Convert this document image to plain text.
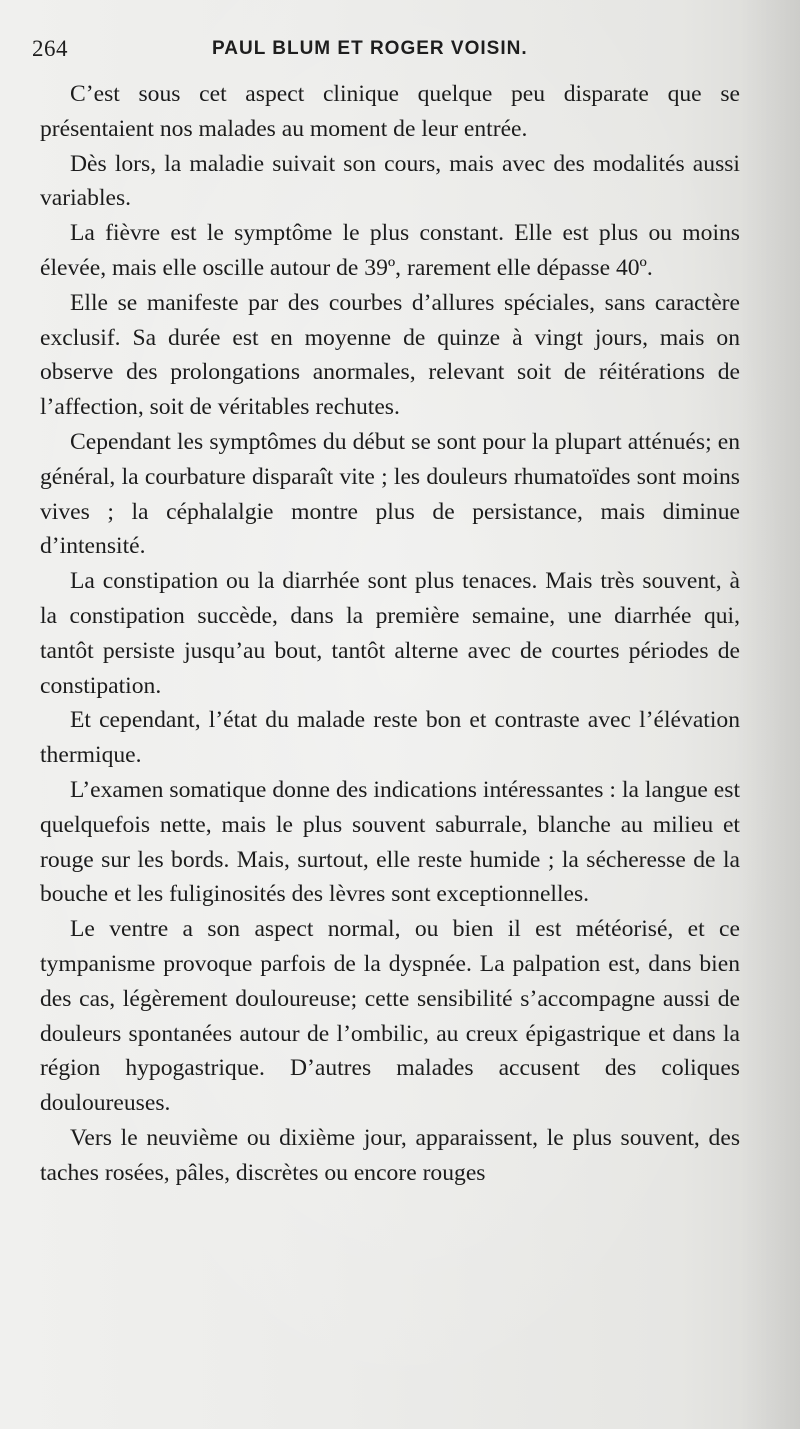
264	PAUL BLUM ET ROGER VOISIN.

C’est sous cet aspect clinique quelque peu disparate que se présentaient nos malades au moment de leur entrée.

Dès lors, la maladie suivait son cours, mais avec des modalités aussi variables.

La fièvre est le symptôme le plus constant. Elle est plus ou moins élevée, mais elle oscille autour de 39º, rarement elle dépasse 40º.

Elle se manifeste par des courbes d’allures spéciales, sans caractère exclusif. Sa durée est en moyenne de quinze à vingt jours, mais on observe des prolongations anormales, relevant soit de réitérations de l’affection, soit de véritables rechutes.

Cependant les symptômes du début se sont pour la plupart atténués; en général, la courbature disparaît vite ; les douleurs rhumatoïdes sont moins vives ; la céphalalgie montre plus de persistance, mais diminue d’intensité.

La constipation ou la diarrhée sont plus tenaces. Mais très souvent, à la constipation succède, dans la première semaine, une diarrhée qui, tantôt persiste jusqu’au bout, tantôt alterne avec de courtes périodes de constipation.

Et cependant, l’état du malade reste bon et contraste avec l’élévation thermique.

L’examen somatique donne des indications intéressantes : la langue est quelquefois nette, mais le plus souvent saburrale, blanche au milieu et rouge sur les bords. Mais, surtout, elle reste humide ; la sécheresse de la bouche et les fuliginosités des lèvres sont exceptionnelles.

Le ventre a son aspect normal, ou bien il est météorisé, et ce tympanisme provoque parfois de la dyspnée. La palpation est, dans bien des cas, légèrement douloureuse; cette sensibilité s’accompagne aussi de douleurs spontanées autour de l’ombilic, au creux épigastrique et dans la région hypogastrique. D’autres malades accusent des coliques douloureuses.

Vers le neuvième ou dixième jour, apparaissent, le plus souvent, des taches rosées, pâles, discrètes ou encore rouges
